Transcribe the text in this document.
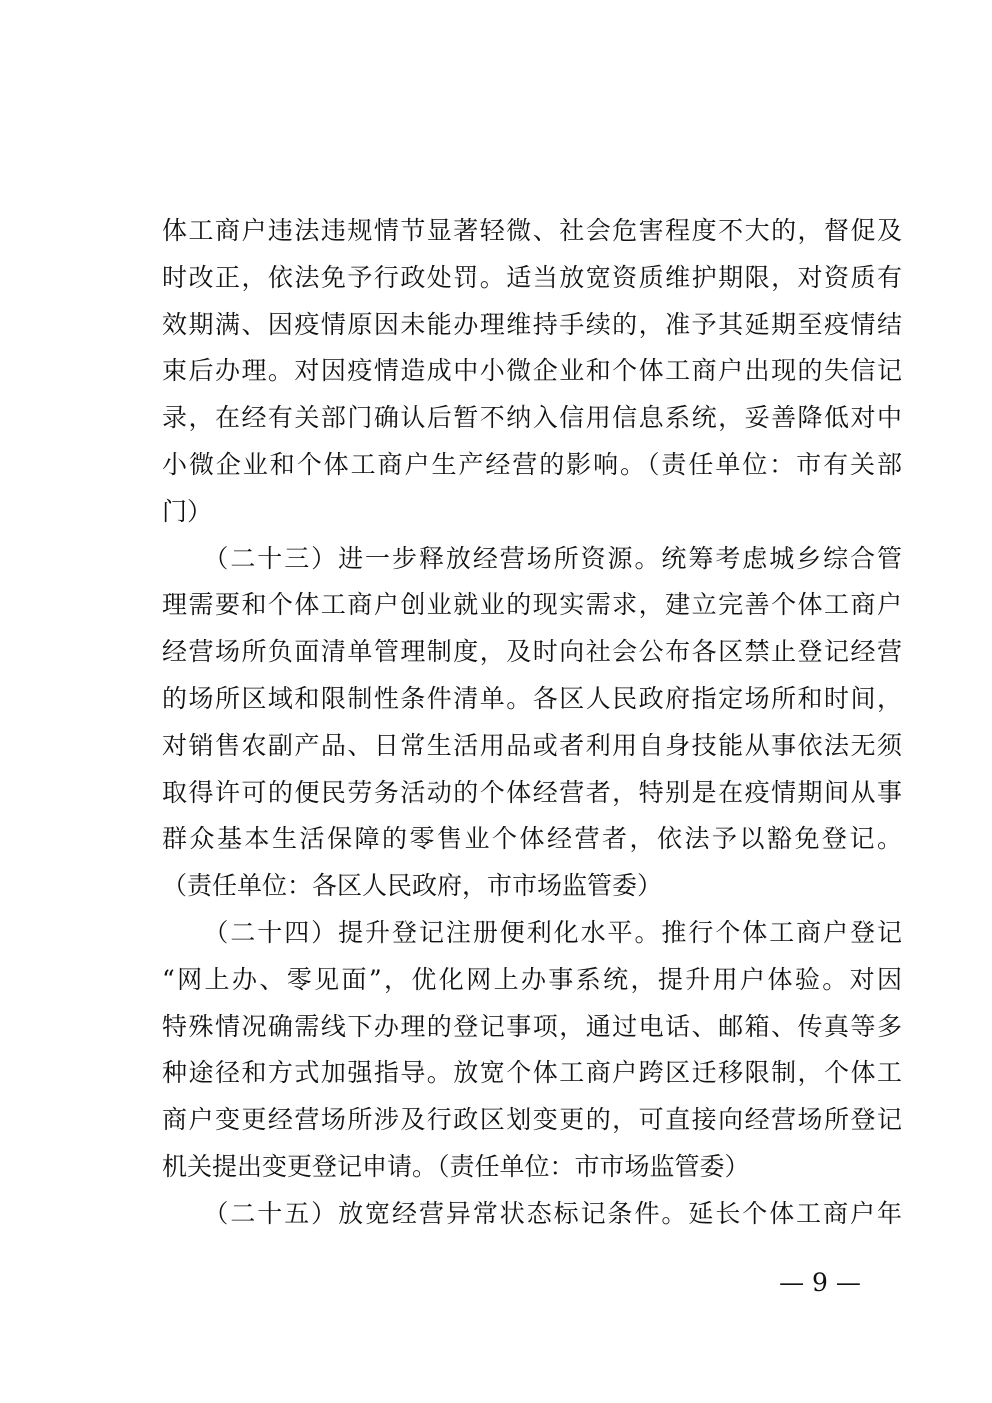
体工商户违法违规情节显著轻微、社会危害程度不大的，督促及
时改正，依法免予行政处罚。适当放宽资质维护期限，对资质有
效期满、因疫情原因未能办理维持手续的，准予其延期至疫情结
束后办理。对因疫情造成中小微企业和个体工商户出现的失信记
录，在经有关部门确认后暂不纳入信用信息系统，妥善降低对中
小微企业和个体工商户生产经营的影响。（责任单位：市有关部
门）
　　（二十三）进一步释放经营场所资源。统筹考虑城乡综合管
理需要和个体工商户创业就业的现实需求，建立完善个体工商户
经营场所负面清单管理制度，及时向社会公布各区禁止登记经营
的场所区域和限制性条件清单。各区人民政府指定场所和时间，
对销售农副产品、日常生活用品或者利用自身技能从事依法无须
取得许可的便民劳务活动的个体经营者，特别是在疫情期间从事
群众基本生活保障的零售业个体经营者，依法予以豁免登记。
（责任单位：各区人民政府，市市场监管委）
　　（二十四）提升登记注册便利化水平。推行个体工商户登记
“网上办、零见面”，优化网上办事系统，提升用户体验。对因
特殊情况确需线下办理的登记事项，通过电话、邮箱、传真等多
种途径和方式加强指导。放宽个体工商户跨区迁移限制，个体工
商户变更经营场所涉及行政区划变更的，可直接向经营场所登记
机关提出变更登记申请。（责任单位：市市场监管委）
　　（二十五）放宽经营异常状态标记条件。延长个体工商户年
— 9 —
